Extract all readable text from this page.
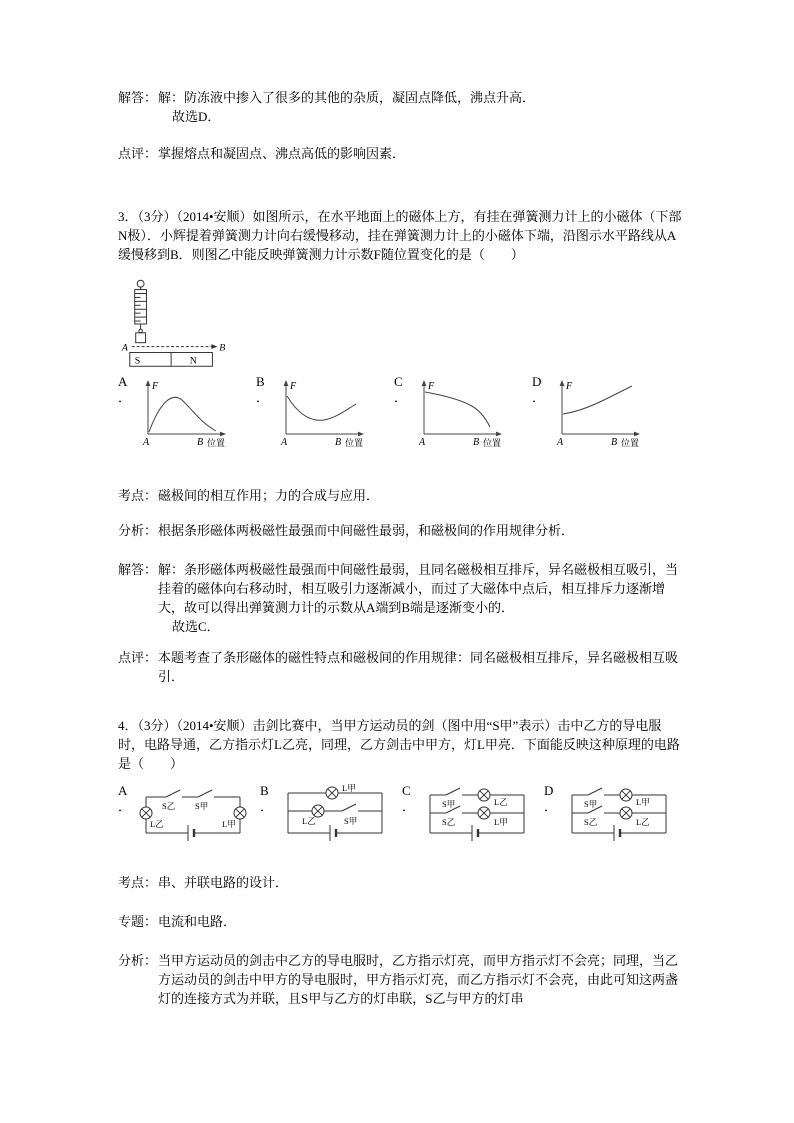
解答： 解：防冻液中掺入了很多的其他的杂质，凝固点降低，沸点升高．
故选D．
点评： 掌握熔点和凝固点、沸点高低的影响因素．
3．（3分）（2014•安顺）如图所示，在水平地面上的磁体上方，有挂在弹簧测力计上的小磁体（下部N极）．小辉提着弹簧测力计向右缓慢移动，挂在弹簧测力计上的小磁体下端，沿图示水平路线从A缓慢移到B．则图乙中能反映弹簧测力计示数F随位置变化的是（　　）
A	B
S	N
A
．
F
A	B 位置
B
．
F
A	B 位置
C
．
F
A	B 位置
D
．
F
A	B 位置
考点： 磁极间的相互作用；力的合成与应用．
分析： 根据条形磁体两极磁性最强而中间磁性最弱，和磁极间的作用规律分析．
解答： 解：条形磁体两极磁性最强而中间磁性最弱，且同名磁极相互排斥，异名磁极相互吸引，当挂着的磁体向右移动时，相互吸引力逐渐减小，而过了大磁体中点后，相互排斥力逐渐增大，故可以得出弹簧测力计的示数从A端到B端是逐渐变小的．
故选C．
点评： 本题考查了条形磁体的磁性特点和磁极间的作用规律：同名磁极相互排斥，异名磁极相互吸引．
4．（3分）（2014•安顺）击剑比赛中，当甲方运动员的剑（图中用“S甲”表示）击中乙方的导电服时，电路导通，乙方指示灯L乙亮，同理，乙方剑击中甲方，灯L甲亮．下面能反映这种原理的电路是（　　）
A
．	S乙 S甲
L乙	L甲
B
．
L甲
L乙	S甲
C
．	S甲	L乙
S乙	L甲
D
．	S甲	L甲
S乙	L乙
考点： 串、并联电路的设计．
专题： 电流和电路．
分析： 当甲方运动员的剑击中乙方的导电服时，乙方指示灯亮，而甲方指示灯不会亮；同理，当乙方运动员的剑击中甲方的导电服时，甲方指示灯亮，而乙方指示灯不会亮，由此可知这两盏灯的连接方式为并联，且S甲与乙方的灯串联，S乙与甲方的灯串
